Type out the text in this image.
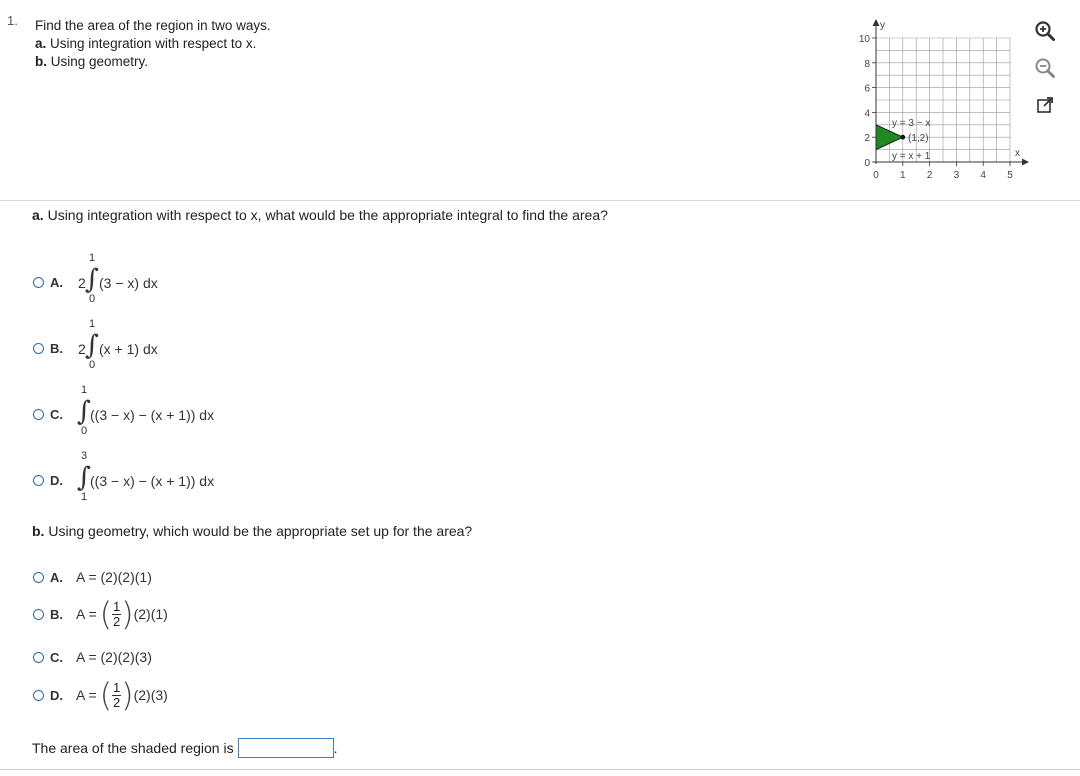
1. Find the area of the region in two ways.
a. Using integration with respect to x.
b. Using geometry.
y
x
10
8
6
4
2
0
0 1 2 3 4 5
y = 3 − x
(1,2)
y = x + 1
a. Using integration with respect to x, what would be the appropriate integral to find the area?
A.	2 ∫
1
0
(3 − x) dx
B.	2 ∫
1
0
(x + 1) dx
C. ∫
1
0
((3 − x) − (x + 1)) dx
D. ∫
3
1
((3 − x) − (x + 1)) dx
b. Using geometry, which would be the appropriate set up for the area?
A. A = (2)(2)(1)
B. A = ( $\frac{1}{2}$ ) (2)(1)
C. A = (2)(2)(3)
D. A = ( $\frac{1}{2}$ ) (2)(3)
The area of the shaded region is	.
